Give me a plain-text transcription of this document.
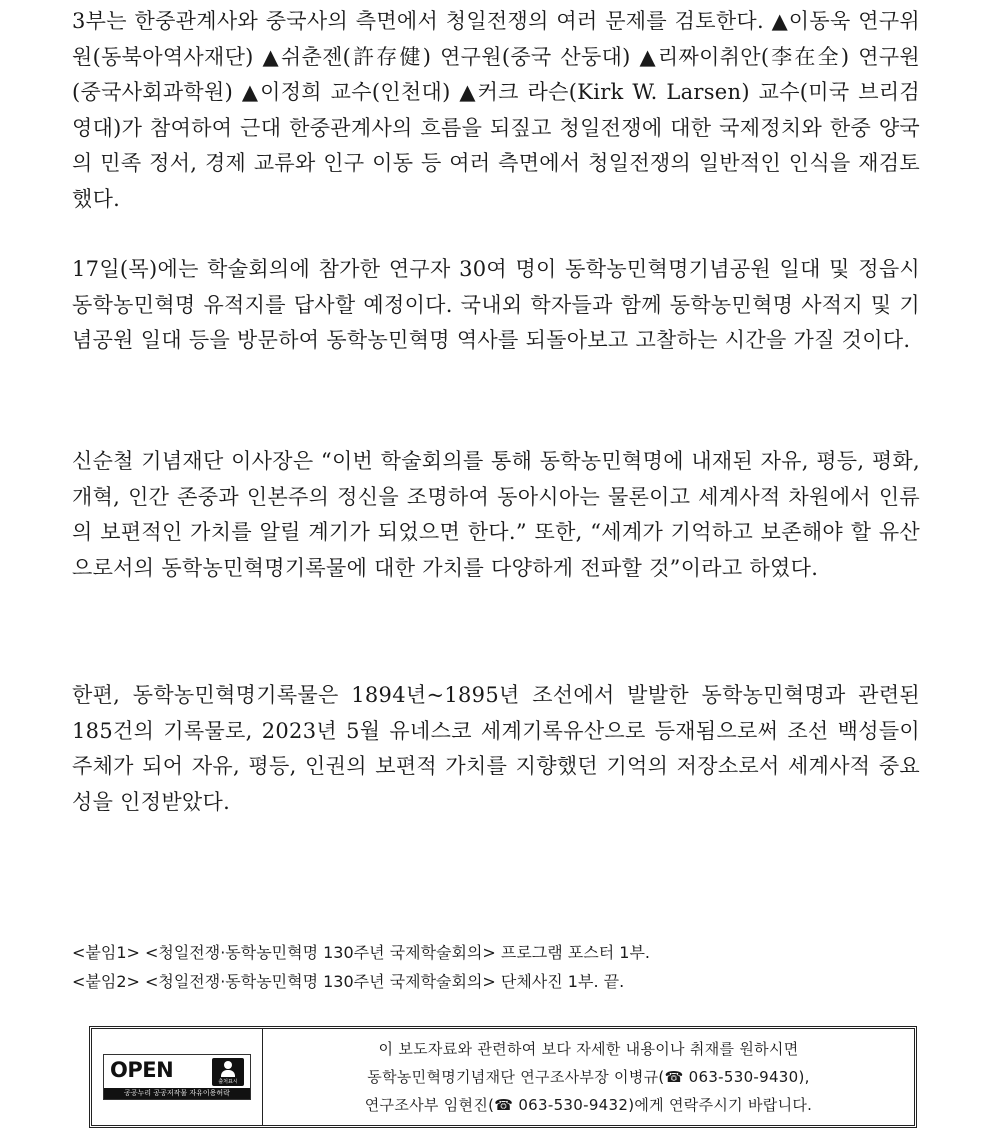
3부는 한중관계사와 중국사의 측면에서 청일전쟁의 여러 문제를 검토한다. ▲이동욱 연구위원(동북아역사재단) ▲쉬춘젠(許存健) 연구원(중국 산둥대) ▲리짜이취안(李在全) 연구원(중국사회과학원) ▲이정희 교수(인천대) ▲커크 라슨(Kirk W. Larsen) 교수(미국 브리검 영대)가 참여하여 근대 한중관계사의 흐름을 되짚고 청일전쟁에 대한 국제정치와 한중 양국의 민족 정서, 경제 교류와 인구 이동 등 여러 측면에서 청일전쟁의 일반적인 인식을 재검토했다.

17일(목)에는 학술회의에 참가한 연구자 30여 명이 동학농민혁명기념공원 일대 및 정읍시 동학농민혁명 유적지를 답사할 예정이다. 국내외 학자들과 함께 동학농민혁명 사적지 및 기념공원 일대 등을 방문하여 동학농민혁명 역사를 되돌아보고 고찰하는 시간을 가질 것이다.

신순철 기념재단 이사장은 “이번 학술회의를 통해 동학농민혁명에 내재된 자유, 평등, 평화, 개혁, 인간 존중과 인본주의 정신을 조명하여 동아시아는 물론이고 세계사적 차원에서 인류의 보편적인 가치를 알릴 계기가 되었으면 한다.” 또한, “세계가 기억하고 보존해야 할 유산으로서의 동학농민혁명기록물에 대한 가치를 다양하게 전파할 것”이라고 하였다.

한편, 동학농민혁명기록물은 1894년~1895년 조선에서 발발한 동학농민혁명과 관련된 185건의 기록물로, 2023년 5월 유네스코 세계기록유산으로 등재됨으로써 조선 백성들이 주체가 되어 자유, 평등, 인권의 보편적 가치를 지향했던 기억의 저장소로서 세계사적 중요성을 인정받았다.

<붙임1> <청일전쟁·동학농민혁명 130주년 국제학술회의> 프로그램 포스터 1부.
<붙임2> <청일전쟁·동학농민혁명 130주년 국제학술회의> 단체사진 1부. 끝.
OPEN	출처표시
공공누리 공공저작물 자유이용허락
이 보도자료와 관련하여 보다 자세한 내용이나 취재를 원하시면
동학농민혁명기념재단 연구조사부장 이병규(☎ 063-530-9430),
연구조사부 임현진(☎ 063-530-9432)에게 연락주시기 바랍니다.
